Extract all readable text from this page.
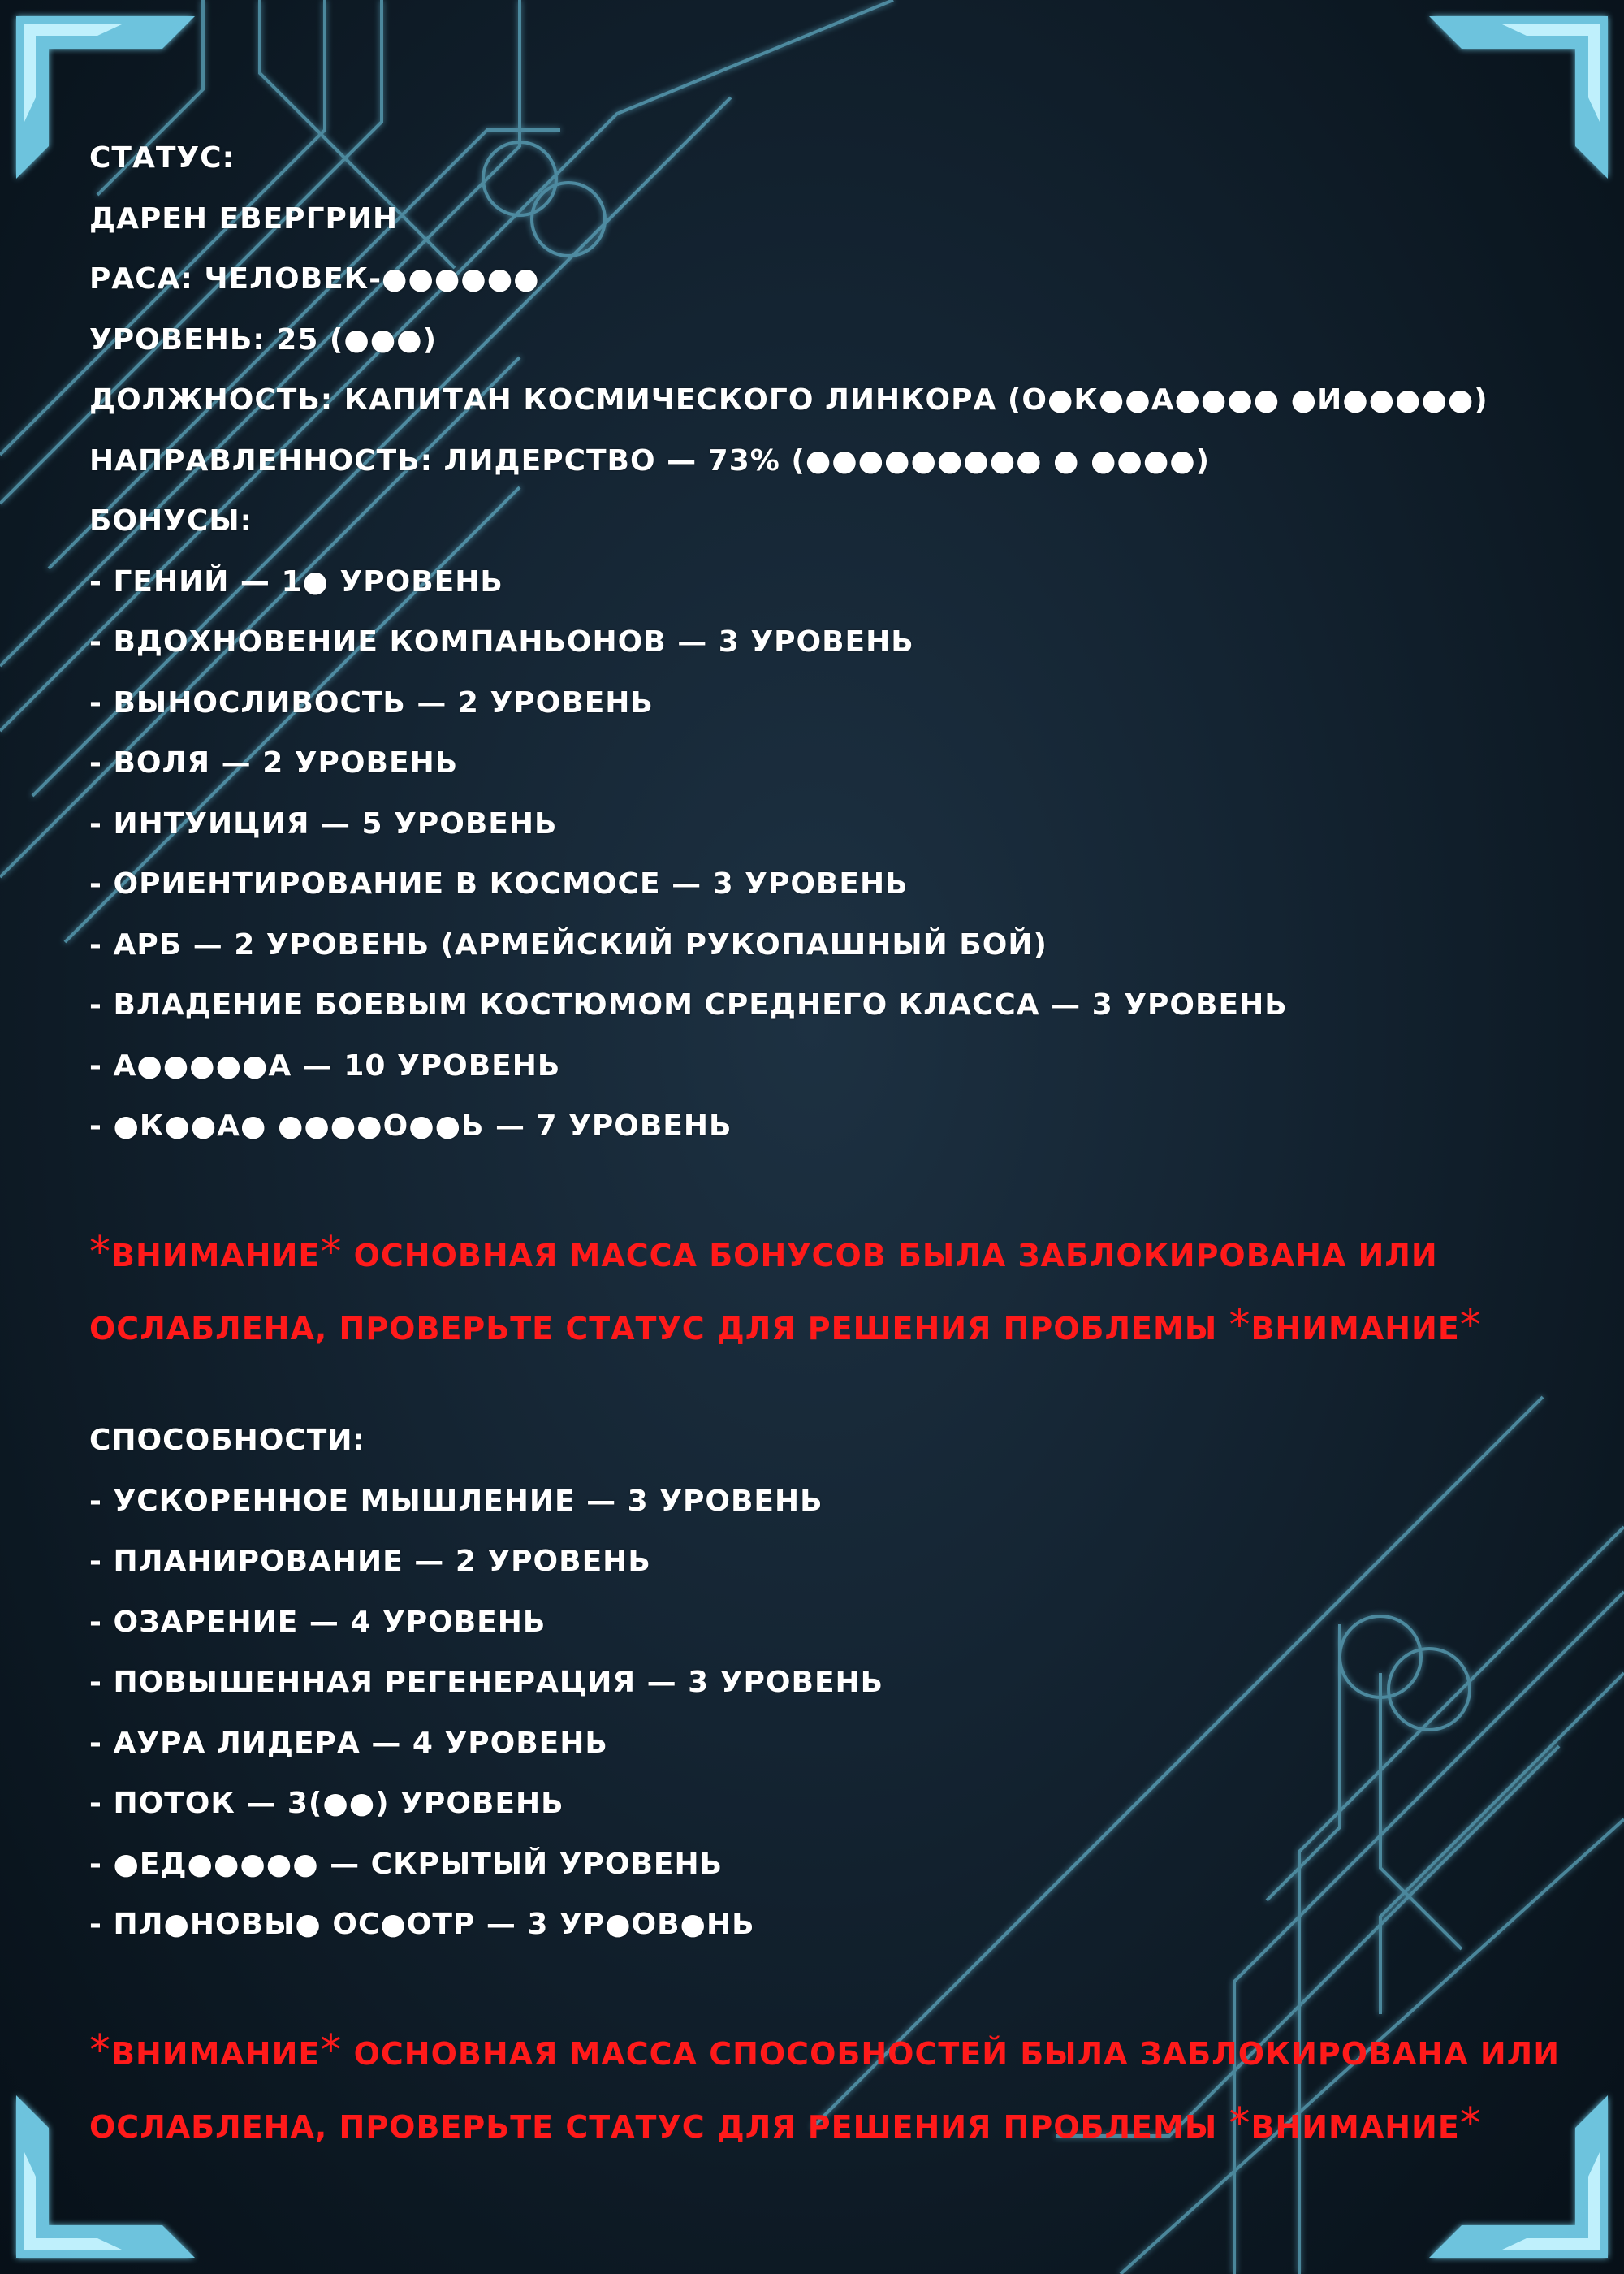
СТАТУС:
ДАРЕН ЕВЕРГРИН
РАСА: ЧЕЛОВЕК-●●●●●●
УРОВЕНЬ: 25 (●●●)
ДОЛЖНОСТЬ: КАПИТАН КОСМИЧЕСКОГО ЛИНКОРА (О●К●●А●●●● ●И●●●●●)
НАПРАВЛЕННОСТЬ: ЛИДЕРСТВО — 73% (●●●●●●●●● ● ●●●●)
БОНУСЫ:
- ГЕНИЙ — 1● УРОВЕНЬ
- ВДОХНОВЕНИЕ КОМПАНЬОНОВ — 3 УРОВЕНЬ
- ВЫНОСЛИВОСТЬ — 2 УРОВЕНЬ
- ВОЛЯ — 2 УРОВЕНЬ
- ИНТУИЦИЯ — 5 УРОВЕНЬ
- ОРИЕНТИРОВАНИЕ В КОСМОСЕ — 3 УРОВЕНЬ
- АРБ — 2 УРОВЕНЬ (АРМЕЙСКИЙ РУКОПАШНЫЙ БОЙ)
- ВЛАДЕНИЕ БОЕВЫМ КОСТЮМОМ СРЕДНЕГО КЛАССА — 3 УРОВЕНЬ
- А●●●●●А — 10 УРОВЕНЬ
- ●К●●А● ●●●●О●●Ь — 7 УРОВЕНЬ
*ВНИМАНИЕ* ОСНОВНАЯ МАССА БОНУСОВ БЫЛА ЗАБЛОКИРОВАНА ИЛИ
ОСЛАБЛЕНА, ПРОВЕРЬТЕ СТАТУС ДЛЯ РЕШЕНИЯ ПРОБЛЕМЫ *ВНИМАНИЕ*
СПОСОБНОСТИ:
- УСКОРЕННОЕ МЫШЛЕНИЕ — 3 УРОВЕНЬ
- ПЛАНИРОВАНИЕ — 2 УРОВЕНЬ
- ОЗАРЕНИЕ — 4 УРОВЕНЬ
- ПОВЫШЕННАЯ РЕГЕНЕРАЦИЯ — 3 УРОВЕНЬ
- АУРА ЛИДЕРА — 4 УРОВЕНЬ
- ПОТОК — 3(●●) УРОВЕНЬ
- ●ЕД●●●●● — СКРЫТЫЙ УРОВЕНЬ
- ПЛ●НОВЫ● ОС●ОТР — 3 УР●ОВ●НЬ
*ВНИМАНИЕ* ОСНОВНАЯ МАССА СПОСОБНОСТЕЙ БЫЛА ЗАБЛОКИРОВАНА ИЛИ
ОСЛАБЛЕНА, ПРОВЕРЬТЕ СТАТУС ДЛЯ РЕШЕНИЯ ПРОБЛЕМЫ *ВНИМАНИЕ*
